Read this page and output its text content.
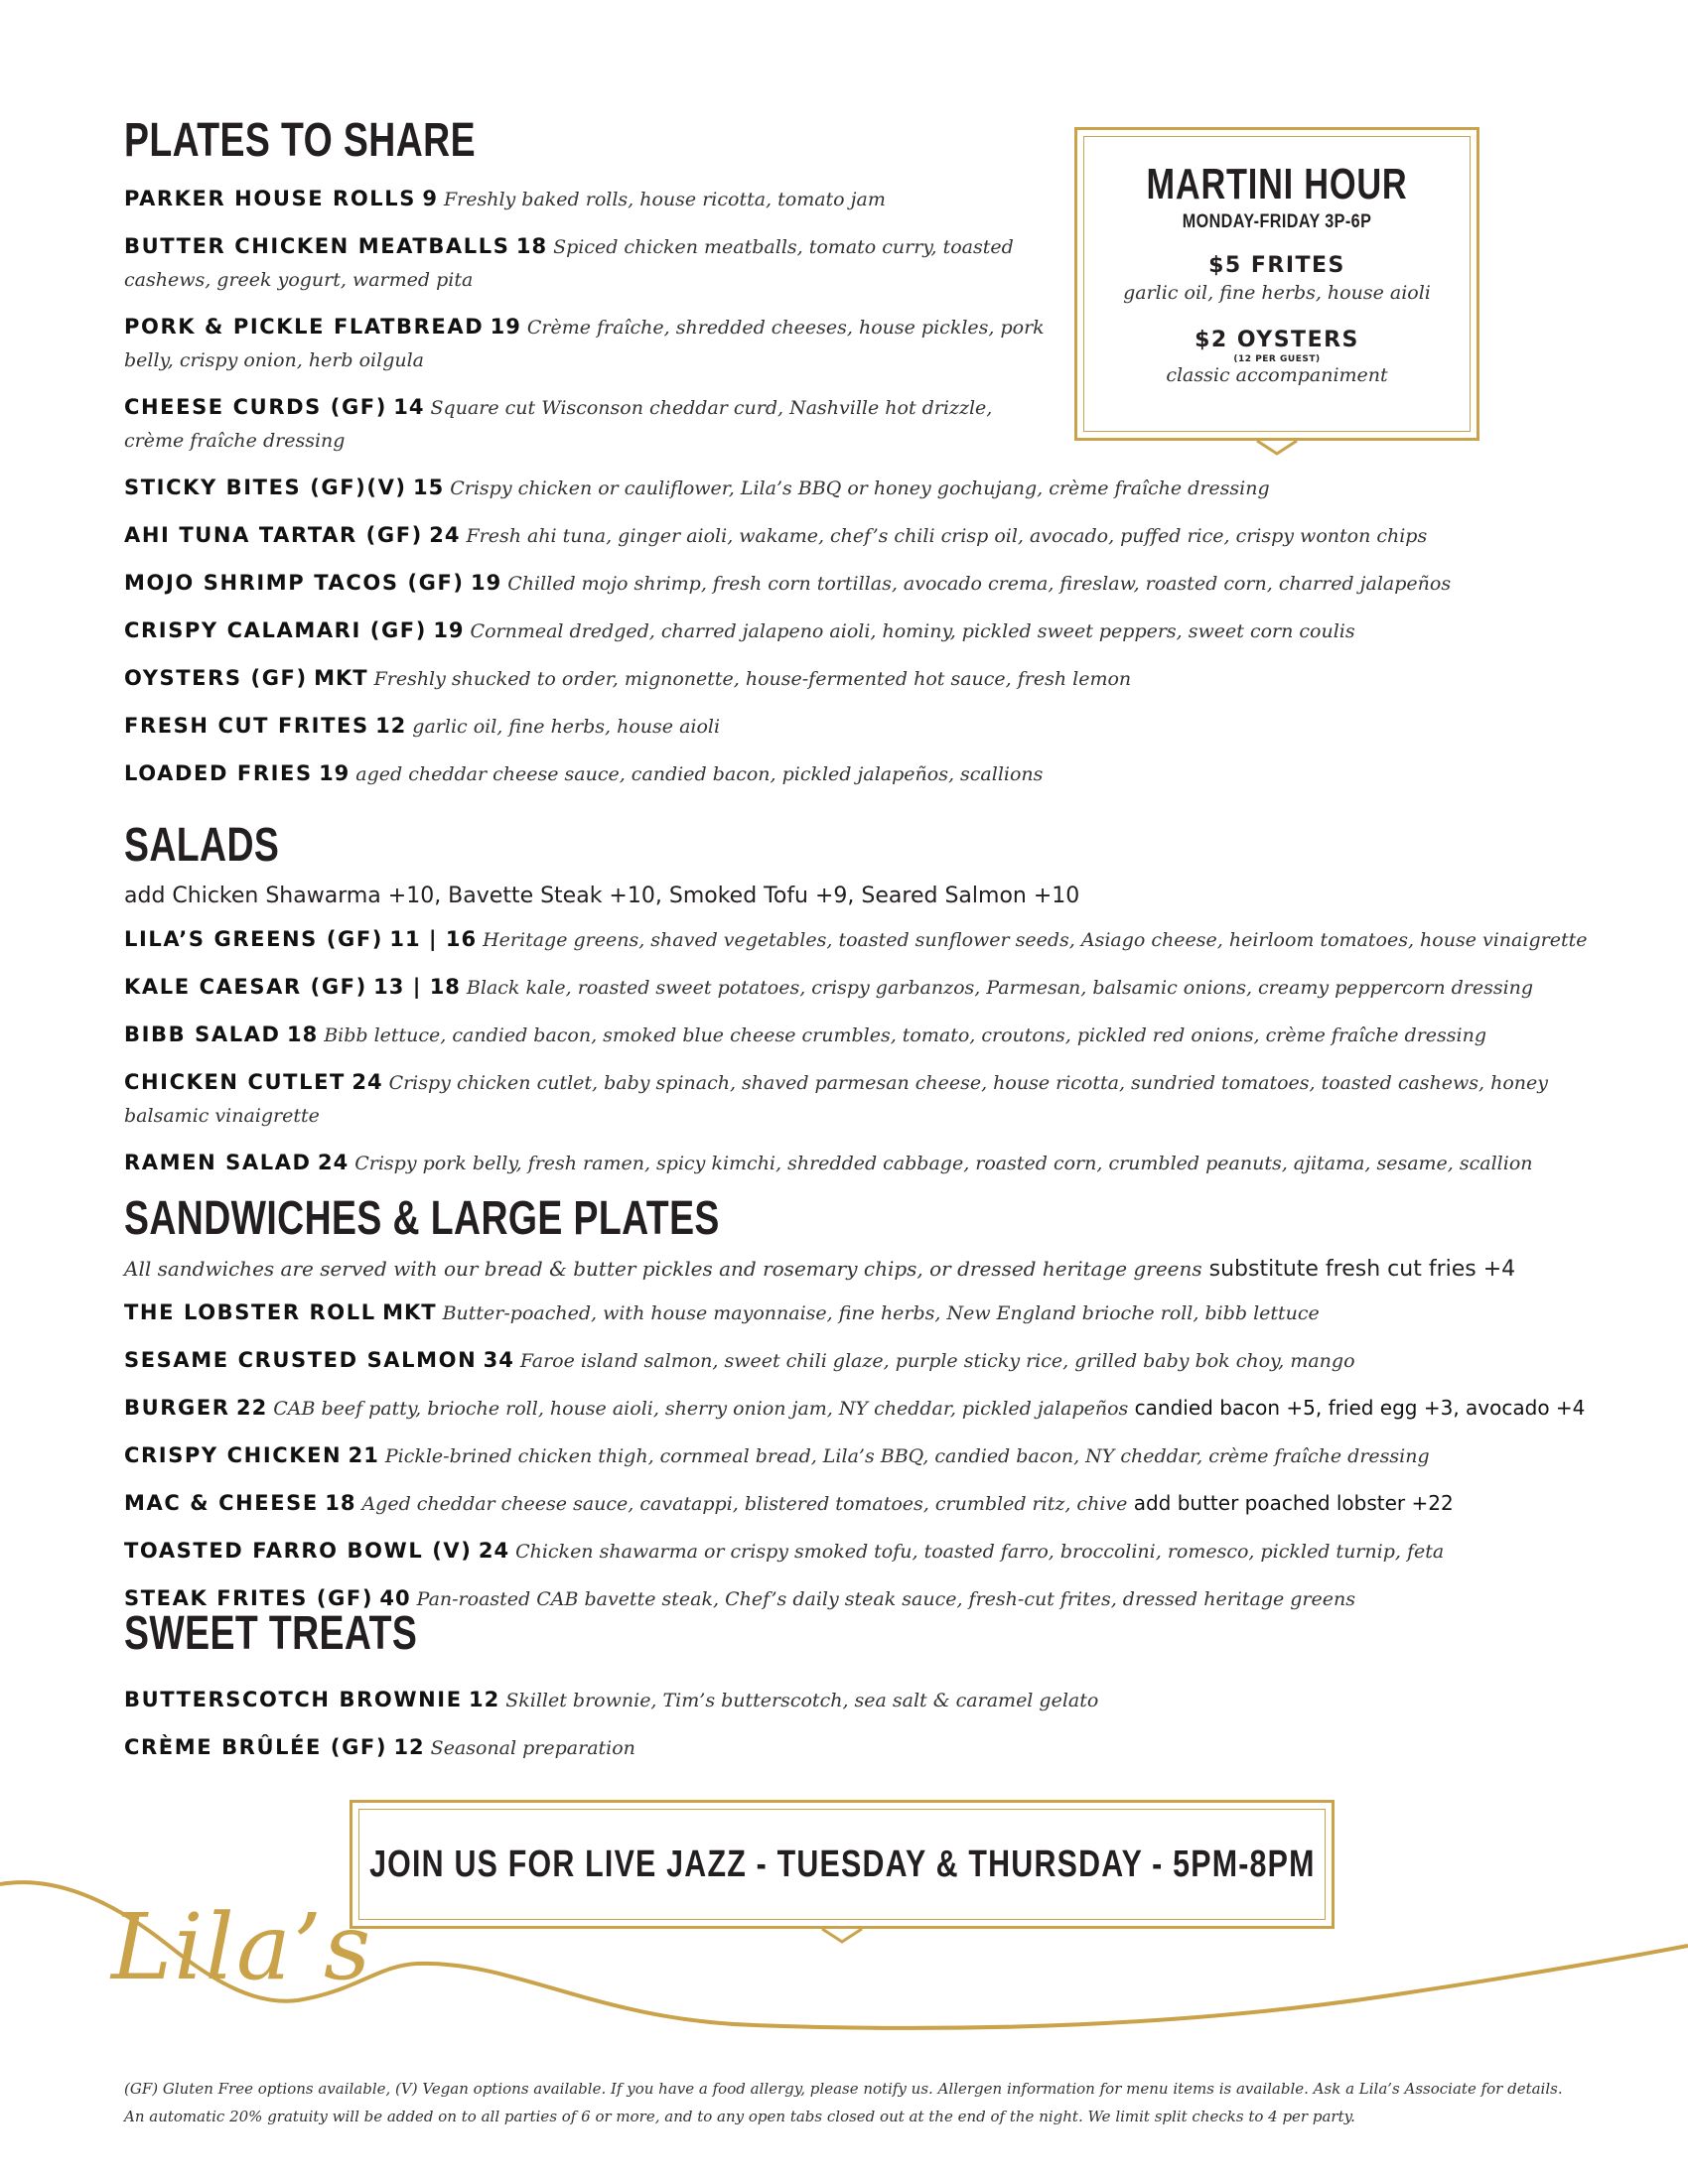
PLATES TO SHARE
PARKER HOUSE ROLLS 9 Freshly baked rolls, house ricotta, tomato jam
BUTTER CHICKEN MEATBALLS 18 Spiced chicken meatballs, tomato curry, toasted cashews, greek yogurt, warmed pita
PORK & PICKLE FLATBREAD 19 Crème fraîche, shredded cheeses, house pickles, pork belly, crispy onion, herb oilgula
CHEESE CURDS (GF) 14 Square cut Wisconson cheddar curd, Nashville hot drizzle, crème fraîche dressing
STICKY BITES (GF)(V) 15 Crispy chicken or cauliflower, Lila’s BBQ or honey gochujang, crème fraîche dressing
AHI TUNA TARTAR (GF) 24 Fresh ahi tuna, ginger aioli, wakame, chef’s chili crisp oil, avocado, puffed rice, crispy wonton chips
MOJO SHRIMP TACOS (GF) 19 Chilled mojo shrimp, fresh corn tortillas, avocado crema, fireslaw, roasted corn, charred jalapeños
CRISPY CALAMARI (GF) 19 Cornmeal dredged, charred jalapeno aioli, hominy, pickled sweet peppers, sweet corn coulis
OYSTERS (GF) MKT Freshly shucked to order, mignonette, house-fermented hot sauce, fresh lemon
FRESH CUT FRITES 12 garlic oil, fine herbs, house aioli
LOADED FRIES 19 aged cheddar cheese sauce, candied bacon, pickled jalapeños, scallions
MARTINI HOUR
MONDAY-FRIDAY 3P-6P
$5 FRITES
garlic oil, fine herbs, house aioli
$2 OYSTERS
(12 PER GUEST)
classic accompaniment
SALADS
add Chicken Shawarma +10, Bavette Steak +10, Smoked Tofu +9, Seared Salmon +10
LILA’S GREENS (GF) 11 | 16 Heritage greens, shaved vegetables, toasted sunflower seeds, Asiago cheese, heirloom tomatoes, house vinaigrette
KALE CAESAR (GF) 13 | 18 Black kale, roasted sweet potatoes, crispy garbanzos, Parmesan, balsamic onions, creamy peppercorn dressing
BIBB SALAD 18 Bibb lettuce, candied bacon, smoked blue cheese crumbles, tomato, croutons, pickled red onions, crème fraîche dressing
CHICKEN CUTLET 24 Crispy chicken cutlet, baby spinach, shaved parmesan cheese, house ricotta, sundried tomatoes, toasted cashews, honey balsamic vinaigrette
RAMEN SALAD 24 Crispy pork belly, fresh ramen, spicy kimchi, shredded cabbage, roasted corn, crumbled peanuts, ajitama, sesame, scallion
SANDWICHES & LARGE PLATES
All sandwiches are served with our bread & butter pickles and rosemary chips, or dressed heritage greens substitute fresh cut fries +4
THE LOBSTER ROLL MKT Butter-poached, with house mayonnaise, fine herbs, New England brioche roll, bibb lettuce
SESAME CRUSTED SALMON 34 Faroe island salmon, sweet chili glaze, purple sticky rice, grilled baby bok choy, mango
BURGER 22 CAB beef patty, brioche roll, house aioli, sherry onion jam, NY cheddar, pickled jalapeños candied bacon +5, fried egg +3, avocado +4
CRISPY CHICKEN 21 Pickle-brined chicken thigh, cornmeal bread, Lila’s BBQ, candied bacon, NY cheddar, crème fraîche dressing
MAC & CHEESE 18 Aged cheddar cheese sauce, cavatappi, blistered tomatoes, crumbled ritz, chive add butter poached lobster +22
TOASTED FARRO BOWL (V) 24 Chicken shawarma or crispy smoked tofu, toasted farro, broccolini, romesco, pickled turnip, feta
STEAK FRITES (GF) 40 Pan-roasted CAB bavette steak, Chef’s daily steak sauce, fresh-cut frites, dressed heritage greens
SWEET TREATS
BUTTERSCOTCH BROWNIE 12 Skillet brownie, Tim’s butterscotch, sea salt & caramel gelato
CRÈME BRÛLÉE (GF) 12 Seasonal preparation
JOIN US FOR LIVE JAZZ - TUESDAY & THURSDAY - 5PM-8PM
Lila’s
(GF) Gluten Free options available, (V) Vegan options available. If you have a food allergy, please notify us. Allergen information for menu items is available. Ask a Lila’s Associate for details.
An automatic 20% gratuity will be added on to all parties of 6 or more, and to any open tabs closed out at the end of the night. We limit split checks to 4 per party.
